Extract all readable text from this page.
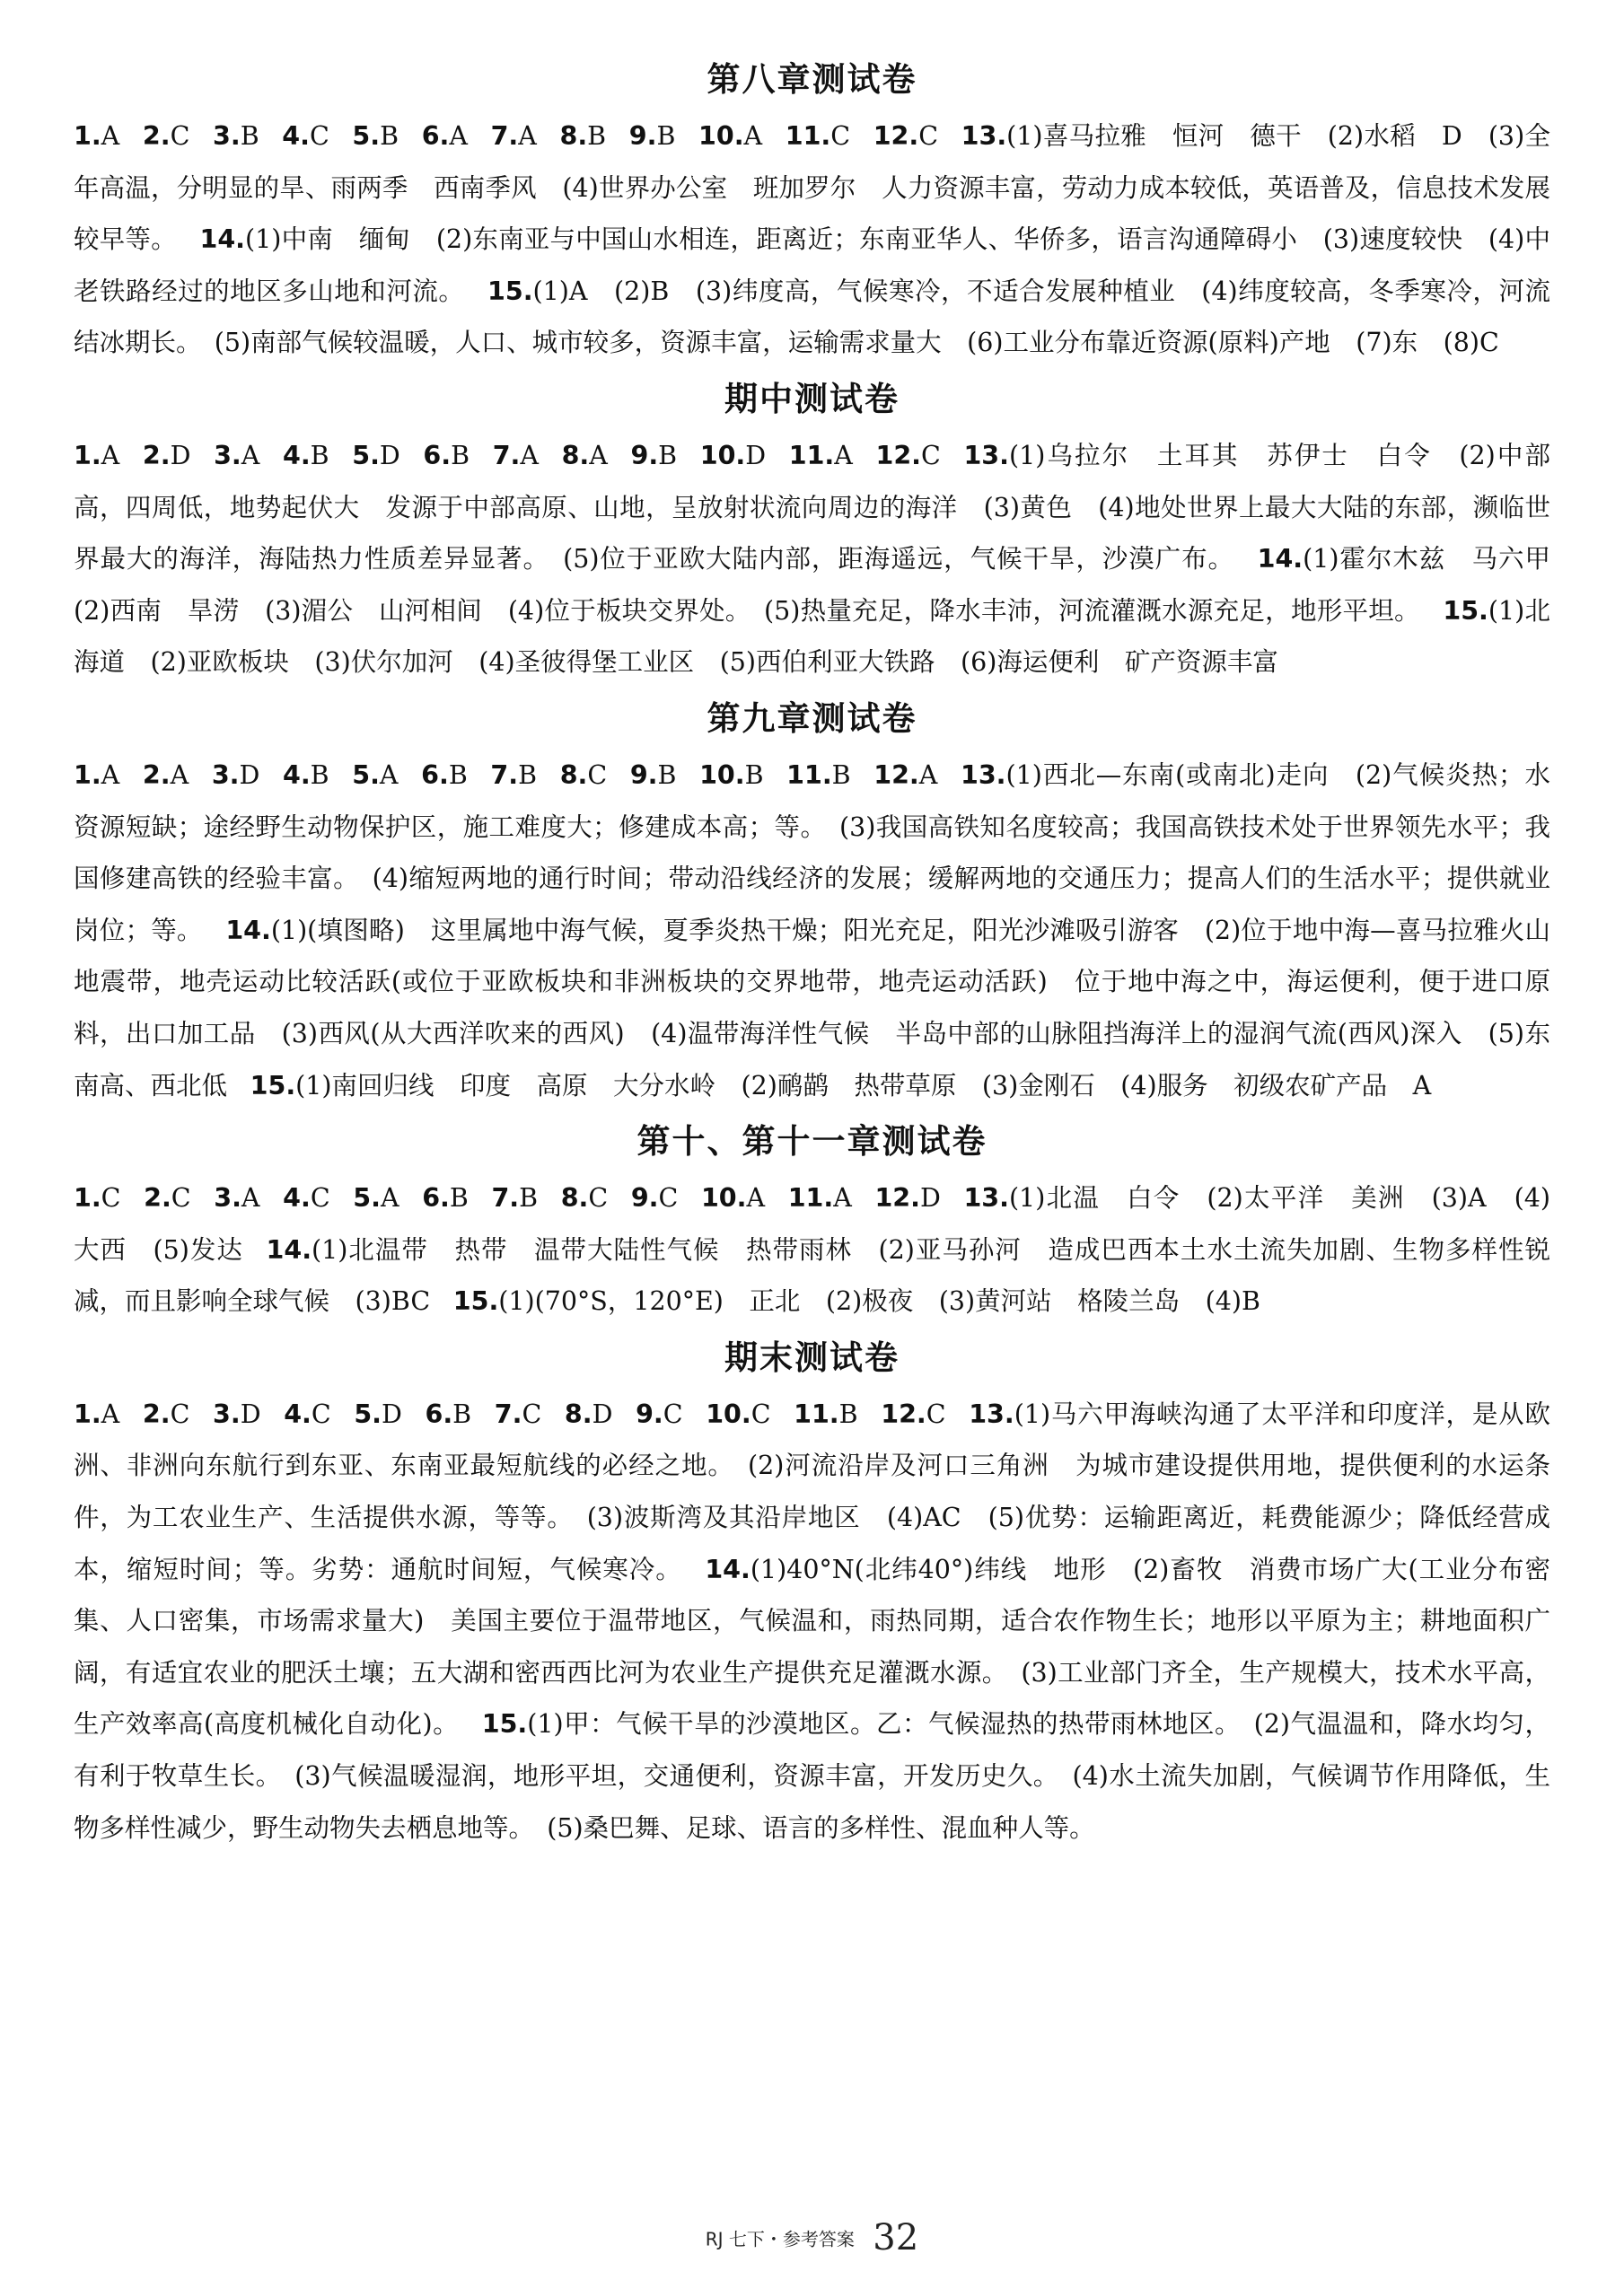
第八章测试卷
1.A 2.C 3.B 4.C 5.B 6.A 7.A 8.B 9.B 10.A 11.C 12.C 13.(1)喜马拉雅　恒河　德干　(2)水稻　D　(3)全年高温，分明显的旱、雨两季　西南季风　(4)世界办公室　班加罗尔　人力资源丰富，劳动力成本较低，英语普及，信息技术发展较早等。 14.(1)中南　缅甸　(2)东南亚与中国山水相连，距离近；东南亚华人、华侨多，语言沟通障碍小　(3)速度较快　(4)中老铁路经过的地区多山地和河流。 15.(1)A　(2)B　(3)纬度高，气候寒冷，不适合发展种植业　(4)纬度较高，冬季寒冷，河流结冰期长。　(5)南部气候较温暖，人口、城市较多，资源丰富，运输需求量大　(6)工业分布靠近资源(原料)产地　(7)东　(8)C
期中测试卷
1.A 2.D 3.A 4.B 5.D 6.B 7.A 8.A 9.B 10.D 11.A 12.C 13.(1)乌拉尔　土耳其　苏伊士　白令　(2)中部高，四周低，地势起伏大　发源于中部高原、山地，呈放射状流向周边的海洋　(3)黄色　(4)地处世界上最大大陆的东部，濒临世界最大的海洋，海陆热力性质差异显著。　(5)位于亚欧大陆内部，距海遥远，气候干旱，沙漠广布。 14.(1)霍尔木兹　马六甲　(2)西南　旱涝　(3)湄公　山河相间　(4)位于板块交界处。　(5)热量充足，降水丰沛，河流灌溉水源充足，地形平坦。 15.(1)北海道　(2)亚欧板块　(3)伏尔加河　(4)圣彼得堡工业区　(5)西伯利亚大铁路　(6)海运便利　矿产资源丰富
第九章测试卷
1.A 2.A 3.D 4.B 5.A 6.B 7.B 8.C 9.B 10.B 11.B 12.A 13.(1)西北—东南(或南北)走向　(2)气候炎热；水资源短缺；途经野生动物保护区，施工难度大；修建成本高；等。　(3)我国高铁知名度较高；我国高铁技术处于世界领先水平；我国修建高铁的经验丰富。　(4)缩短两地的通行时间；带动沿线经济的发展；缓解两地的交通压力；提高人们的生活水平；提供就业岗位；等。 14.(1)(填图略)　这里属地中海气候，夏季炎热干燥；阳光充足，阳光沙滩吸引游客　(2)位于地中海—喜马拉雅火山地震带，地壳运动比较活跃(或位于亚欧板块和非洲板块的交界地带，地壳运动活跃)　位于地中海之中，海运便利，便于进口原料，出口加工品　(3)西风(从大西洋吹来的西风)　(4)温带海洋性气候　半岛中部的山脉阻挡海洋上的湿润气流(西风)深入　(5)东南高、西北低 15.(1)南回归线　印度　高原　大分水岭　(2)鸸鹋　热带草原　(3)金刚石　(4)服务　初级农矿产品　A
第十、第十一章测试卷
1.C 2.C 3.A 4.C 5.A 6.B 7.B 8.C 9.C 10.A 11.A 12.D 13.(1)北温　白令　(2)太平洋　美洲　(3)A　(4)大西　(5)发达 14.(1)北温带　热带　温带大陆性气候　热带雨林　(2)亚马孙河　造成巴西本土水土流失加剧、生物多样性锐减，而且影响全球气候　(3)BC 15.(1)(70°S，120°E)　正北　(2)极夜　(3)黄河站　格陵兰岛　(4)B
期末测试卷
1.A 2.C 3.D 4.C 5.D 6.B 7.C 8.D 9.C 10.C 11.B 12.C 13.(1)马六甲海峡沟通了太平洋和印度洋，是从欧洲、非洲向东航行到东亚、东南亚最短航线的必经之地。　(2)河流沿岸及河口三角洲　为城市建设提供用地，提供便利的水运条件，为工农业生产、生活提供水源，等等。　(3)波斯湾及其沿岸地区　(4)AC　(5)优势：运输距离近，耗费能源少；降低经营成本，缩短时间；等。劣势：通航时间短，气候寒冷。 14.(1)40°N(北纬40°)纬线　地形　(2)畜牧　消费市场广大(工业分布密集、人口密集，市场需求量大)　美国主要位于温带地区，气候温和，雨热同期，适合农作物生长；地形以平原为主；耕地面积广阔，有适宜农业的肥沃土壤；五大湖和密西西比河为农业生产提供充足灌溉水源。　(3)工业部门齐全，生产规模大，技术水平高，生产效率高(高度机械化自动化)。 15.(1)甲：气候干旱的沙漠地区。乙：气候湿热的热带雨林地区。　(2)气温温和，降水均匀，有利于牧草生长。　(3)气候温暖湿润，地形平坦，交通便利，资源丰富，开发历史久。　(4)水土流失加剧，气候调节作用降低，生物多样性减少，野生动物失去栖息地等。　(5)桑巴舞、足球、语言的多样性、混血种人等。
RJ 七下・参考答案 32
